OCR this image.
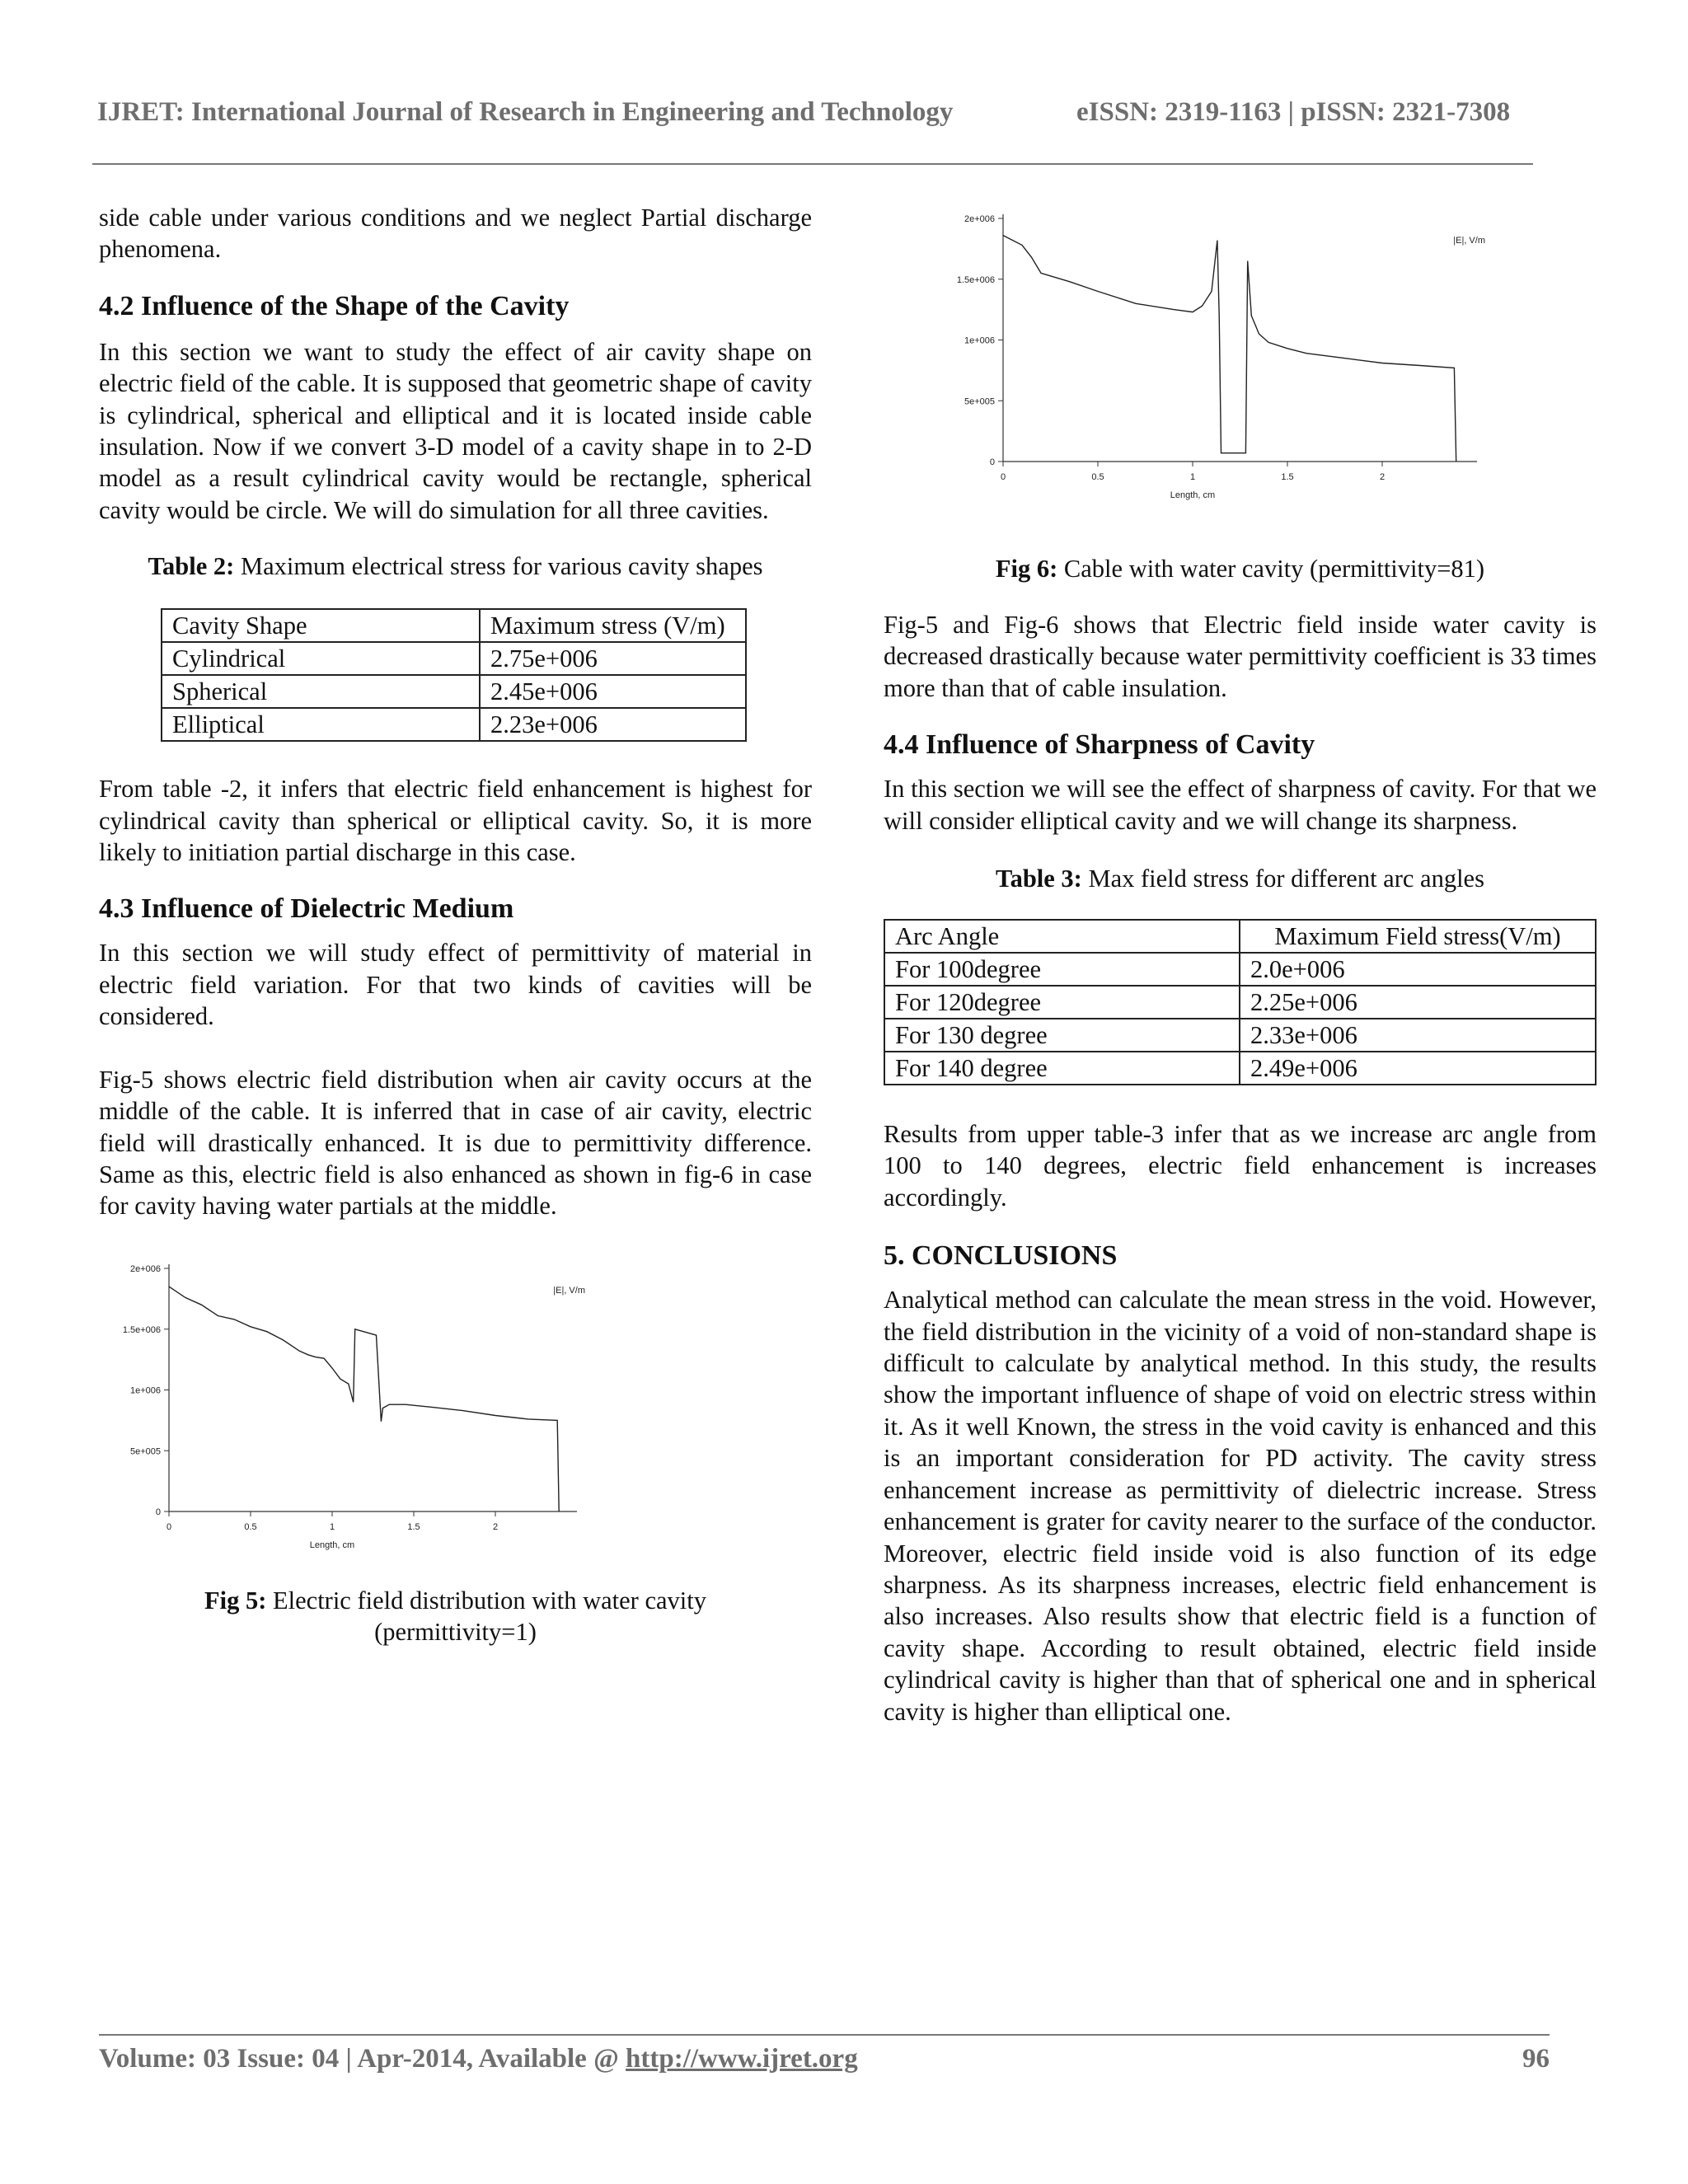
IJRET: International Journal of Research in Engineering and Technology	eISSN: 2319-1163 | pISSN: 2321-7308

side cable under various conditions and we neglect Partial discharge phenomena.

4.2 Influence of the Shape of the Cavity

In this section we want to study the effect of air cavity shape on electric field of the cable. It is supposed that geometric shape of cavity is cylindrical, spherical and elliptical and it is located inside cable insulation. Now if we convert 3-D model of a cavity shape in to 2-D model as a result cylindrical cavity would be rectangle, spherical cavity would be circle. We will do simulation for all three cavities.

Table 2: Maximum electrical stress for various cavity shapes

Cavity Shape	Maximum stress (V/m)
Cylindrical	2.75e+006
Spherical	2.45e+006
Elliptical	2.23e+006

From table -2, it infers that electric field enhancement is highest for cylindrical cavity than spherical or elliptical cavity. So, it is more likely to initiation partial discharge in this case.

4.3 Influence of Dielectric Medium

In this section we will study effect of permittivity of material in electric field variation. For that two kinds of cavities will be considered.

Fig-5 shows electric field distribution when air cavity occurs at the middle of the cable. It is inferred that in case of air cavity, electric field will drastically enhanced. It is due to permittivity difference. Same as this, electric field is also enhanced as shown in fig-6 in case for cavity having water partials at the middle.

0
5e+005
1e+006
1.5e+006
2e+006
0	0.5	1	1.5	2
Length, cm
|E|, V/m

Fig 5: Electric field distribution with water cavity (permittivity=1)

0
5e+005
1e+006
1.5e+006
2e+006
0	0.5	1	1.5	2
Length, cm
|E|, V/m

Fig 6: Cable with water cavity (permittivity=81)

Fig-5 and Fig-6 shows that Electric field inside water cavity is decreased drastically because water permittivity coefficient is 33 times more than that of cable insulation.

4.4 Influence of Sharpness of Cavity

In this section we will see the effect of sharpness of cavity. For that we will consider elliptical cavity and we will change its sharpness.

Table 3: Max field stress for different arc angles

Arc Angle	Maximum Field stress(V/m)
For 100degree	2.0e+006
For 120degree	2.25e+006
For 130 degree	2.33e+006
For 140 degree	2.49e+006

Results from upper table-3 infer that as we increase arc angle from 100 to 140 degrees, electric field enhancement is increases accordingly.

5. CONCLUSIONS

Analytical method can calculate the mean stress in the void. However, the field distribution in the vicinity of a void of non-standard shape is difficult to calculate by analytical method. In this study, the results show the important influence of shape of void on electric stress within it. As it well Known, the stress in the void cavity is enhanced and this is an important consideration for PD activity. The cavity stress enhancement increase as permittivity of dielectric increase. Stress enhancement is grater for cavity nearer to the surface of the conductor. Moreover, electric field inside void is also function of its edge sharpness. As its sharpness increases, electric field enhancement is also increases. Also results show that electric field is a function of cavity shape. According to result obtained, electric field inside cylindrical cavity is higher than that of spherical one and in spherical cavity is higher than elliptical one.

Volume: 03 Issue: 04 | Apr-2014, Available @ http://www.ijret.org	96
